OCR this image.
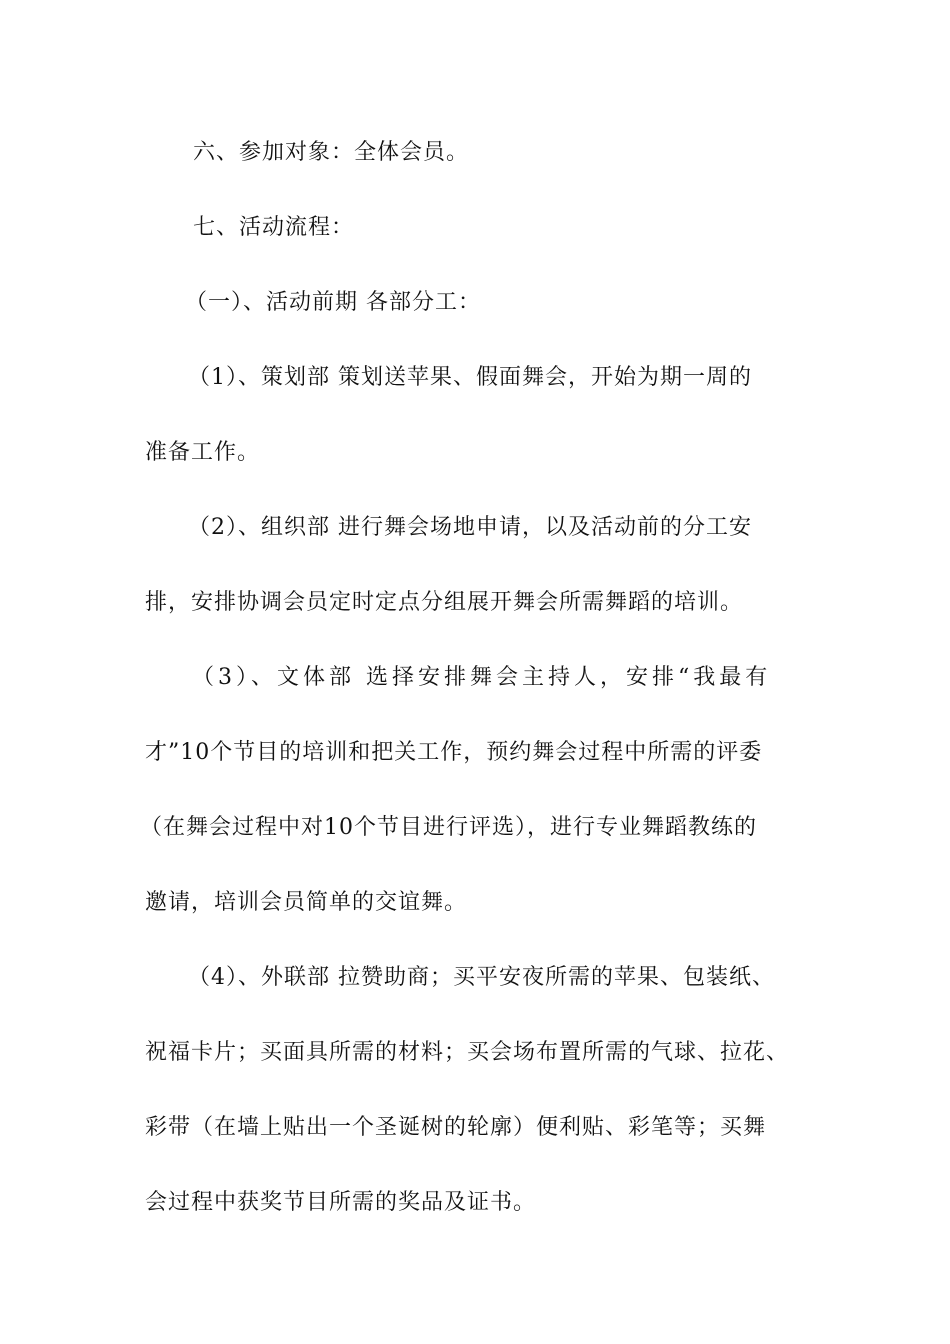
六、参加对象：全体会员。
七、活动流程：
（一）、活动前期 各部分工：
（1）、策划部 策划送苹果、假面舞会，开始为期一周的
准备工作。
（2）、组织部 进行舞会场地申请，以及活动前的分工安
排，安排协调会员定时定点分组展开舞会所需舞蹈的培训。
（3）、文体部 选择安排舞会主持人，安排“我最有
才”10个节目的培训和把关工作，预约舞会过程中所需的评委
（在舞会过程中对10个节目进行评选），进行专业舞蹈教练的
邀请，培训会员简单的交谊舞。
（4）、外联部 拉赞助商；买平安夜所需的苹果、包装纸、
祝福卡片；买面具所需的材料；买会场布置所需的气球、拉花、
彩带（在墙上贴出一个圣诞树的轮廓）便利贴、彩笔等；买舞
会过程中获奖节目所需的奖品及证书。
